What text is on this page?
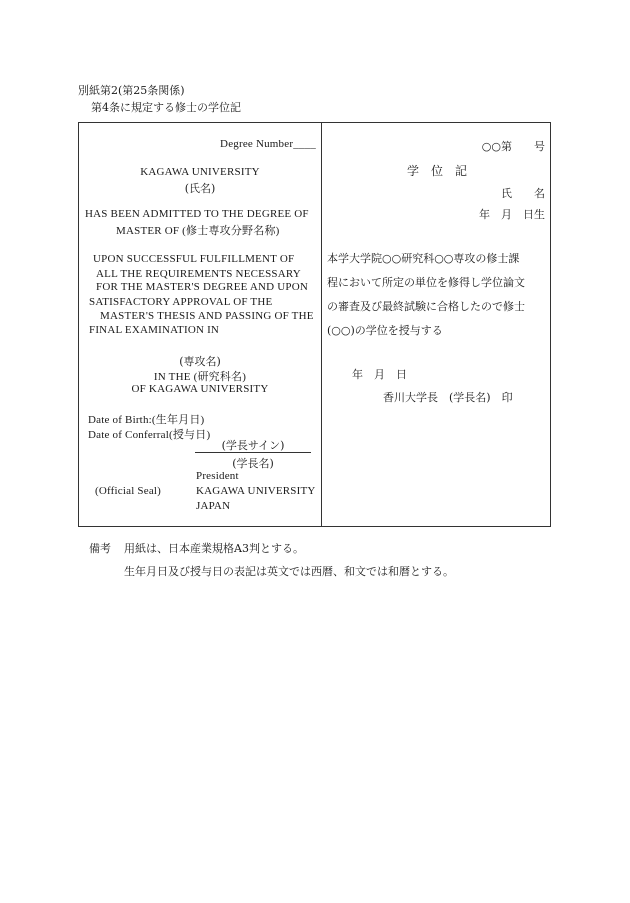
別紙第2(第25条関係)
第4条に規定する修士の学位記
Degree Number____
KAGAWA UNIVERSITY
(氏名)
HAS BEEN ADMITTED TO THE DEGREE OF
MASTER OF (修士専攻分野名称)
UPON SUCCESSFUL FULFILLMENT OF
ALL THE REQUIREMENTS NECESSARY
FOR THE MASTER'S DEGREE AND UPON
SATISFACTORY APPROVAL OF THE
MASTER'S THESIS AND PASSING OF THE
FINAL EXAMINATION IN
(専攻名)
IN THE (研究科名)
OF KAGAWA UNIVERSITY
Date of Birth:(生年月日)
Date of Conferral(授与日)
(学長サイン)
(学長名)
President
(Official Seal)	KAGAWA UNIVERSITY
JAPAN
○○第　　号
学　位　記
氏　　名
年　月　日生
本学大学院○○研究科○○専攻の修士課
程において所定の単位を修得し学位論文
の審査及び最終試験に合格したので修士
(○○)の学位を授与する
年　月　日
香川大学長　(学長名)　印
備考 用紙は、日本産業規格A3判とする。
生年月日及び授与日の表記は英文では西暦、和文では和暦とする。
